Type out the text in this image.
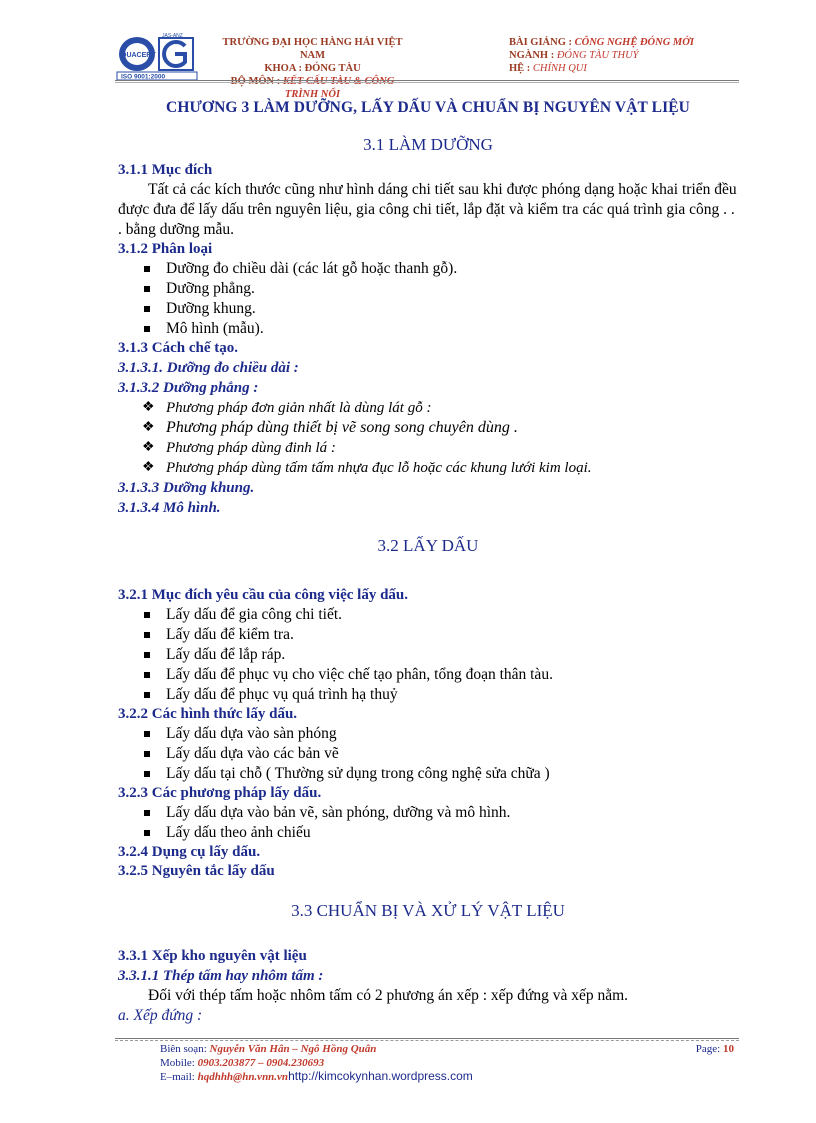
QUACERT
JAS-ANZ
ISO 9001:2000
TRƯỜNG ĐẠI HỌC HÀNG HẢI VIỆT NAM
KHOA : ĐÓNG TÀU
BỘ MÔN : KẾT CẤU TÀU & CÔNG TRÌNH NỔI
BÀI GIẢNG : CÔNG NGHỆ ĐÓNG MỚI
NGÀNH : ĐÓNG TÀU THUỶ
HỆ : CHÍNH QUI
CHƯƠNG 3 LÀM DƯỠNG, LẤY DẤU VÀ CHUẨN BỊ NGUYÊN VẬT LIỆU
3.1 LÀM DƯỠNG
3.1.1 Mục đích

Tất cả các kích thước cũng như hình dáng chi tiết sau khi được phóng dạng hoặc khai triển đều được đưa để lấy dấu trên nguyên liệu, gia công chi tiết, lắp đặt và kiểm tra các quá trình gia công . . . bằng dưỡng mẫu.

3.1.2 Phân loại
Dưỡng đo chiều dài (các lát gỗ hoặc thanh gỗ).
Dưỡng phẳng.
Dưỡng khung.
Mô hình (mẫu).
3.1.3 Cách chế tạo.
3.1.3.1. Dưỡng đo chiều dài :
3.1.3.2 Dưỡng phẳng :
❖ Phương pháp đơn giản nhất là dùng lát gỗ :
❖ Phương pháp dùng thiết bị vẽ song song chuyên dùng .
❖ Phương pháp dùng đinh lá :
❖ Phương pháp dùng tấm tấm nhựa đục lỗ hoặc các khung lưới kim loại.
3.1.3.3 Dưỡng khung.
3.1.3.4 Mô hình.
3.2 LẤY DẤU
3.2.1 Mục đích yêu cầu của công việc lấy dấu.
Lấy dấu để gia công chi tiết.
Lấy dấu để kiểm tra.
Lấy dấu để lắp ráp.
Lấy dấu để phục vụ cho việc chế tạo phân, tổng đoạn thân tàu.
Lấy dấu để phục vụ quá trình hạ thuỷ
3.2.2 Các hình thức lấy dấu.
Lấy dấu dựa vào sàn phóng
Lấy dấu dựa vào các bản vẽ
Lấy dấu tại chỗ ( Thường sử dụng trong công nghệ sửa chữa )
3.2.3 Các phương pháp lấy dấu.
Lấy dấu dựa vào bản vẽ, sàn phóng, dưỡng và mô hình.
Lấy dấu theo ảnh chiếu
3.2.4 Dụng cụ lấy dấu.
3.2.5 Nguyên tắc lấy dấu
3.3 CHUẨN BỊ VÀ XỬ LÝ VẬT LIỆU
3.3.1 Xếp kho nguyên vật liệu
3.3.1.1 Thép tấm hay nhôm tấm :

Đối với thép tấm hoặc nhôm tấm có 2 phương án xếp : xếp đứng và xếp nằm.

a. Xếp đứng :
Biên soạn: Nguyễn Văn Hân – Ngô Hồng Quân
Mobile: 0903.203877 – 0904.230693
E–mail: hqdhhh@hn.vnn.vnhttp://kimcokynhan.wordpress.com
Page: 10
